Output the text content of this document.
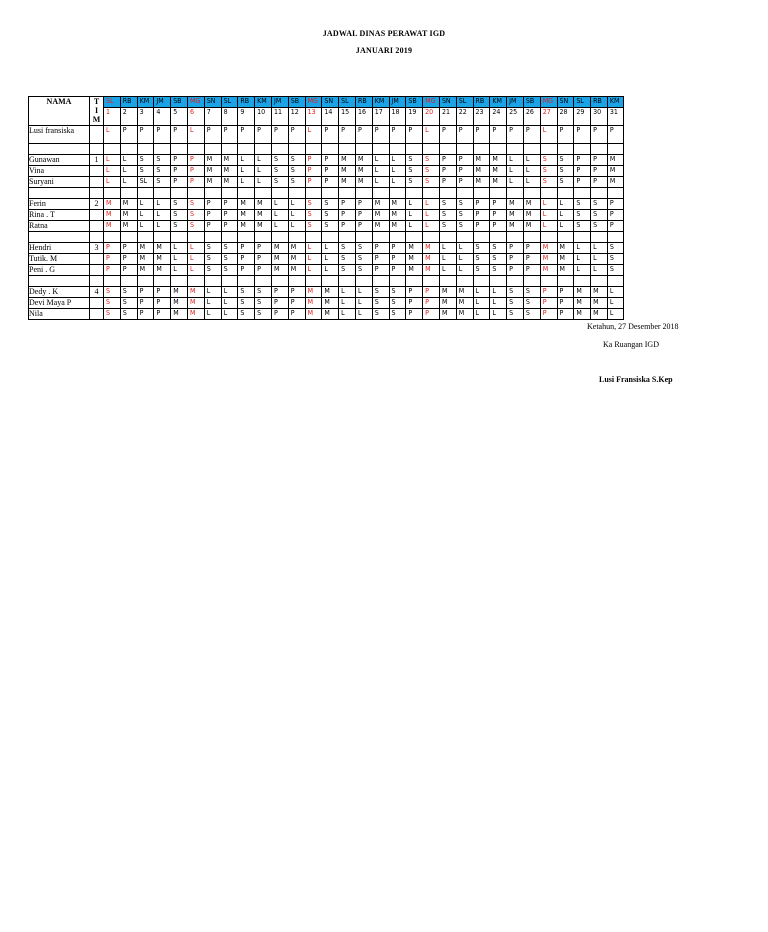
JADWAL DINAS PERAWAT IGD
JANUARI 2019
NAMA	T
I
M	SL	RB	KM	JM	SB	MG	SN	SL	RB	KM	JM	SB	MG	SN	SL	RB	KM	JM	SB	MG	SN	SL	RB	KM	JM	SB	MG	SN	SL	RB	KM
		1	2	3	4	5	6	7	8	9	10	11	12	13	14	15	16	17	18	19	20	21	22	23	24	25	26	27	28	29	30	31
Lusi fransiska		L	P	P	P	P	L	P	P	P	P	P	P	L	P	P	P	P	P	P	L	P	P	P	P	P	P	L	P	P	P	P

Gunawan	1	L	L	S	S	P	P	M	M	L	L	S	S	P	P	M	M	L	L	S	S	P	P	M	M	L	L	S	S	P	P	M
Vina		L	L	S	S	P	P	M	M	L	L	S	S	P	P	M	M	L	L	S	S	P	P	M	M	L	L	S	S	P	P	M
Suryani		L	L	SL	S	P	P	M	M	L	L	S	S	P	P	M	M	L	L	S	S	P	P	M	M	L	L	S	S	P	P	M

Ferin	2	M	M	L	L	S	S	P	P	M	M	L	L	S	S	P	P	M	M	L	L	S	S	P	P	M	M	L	L	S	S	P
Rina . T		M	M	L	L	S	S	P	P	M	M	L	L	S	S	P	P	M	M	L	L	S	S	P	P	M	M	L	L	S	S	P
Ratna		M	M	L	L	S	S	P	P	M	M	L	L	S	S	P	P	M	M	L	L	S	S	P	P	M	M	L	L	S	S	P

Hendri	3	P	P	M	M	L	L	S	S	P	P	M	M	L	L	S	S	P	P	M	M	L	L	S	S	P	P	M	M	L	L	S
Tutik. M		P	P	M	M	L	L	S	S	P	P	M	M	L	L	S	S	P	P	M	M	L	L	S	S	P	P	M	M	L	L	S
Peni . G		P	P	M	M	L	L	S	S	P	P	M	M	L	L	S	S	P	P	M	M	L	L	S	S	P	P	M	M	L	L	S

Dedy . K	4	S	S	P	P	M	M	L	L	S	S	P	P	M	M	L	L	S	S	P	P	M	M	L	L	S	S	P	P	M	M	L
Devi Maya P		S	S	P	P	M	M	L	L	S	S	P	P	M	M	L	L	S	S	P	P	M	M	L	L	S	S	P	P	M	M	L
Nila		S	S	P	P	M	M	L	L	S	S	P	P	M	M	L	L	S	S	P	P	M	M	L	L	S	S	P	P	M	M	L
Ketahun, 27 Desember 2018
Ka Ruangan IGD
Lusi Fransiska S.Kep
